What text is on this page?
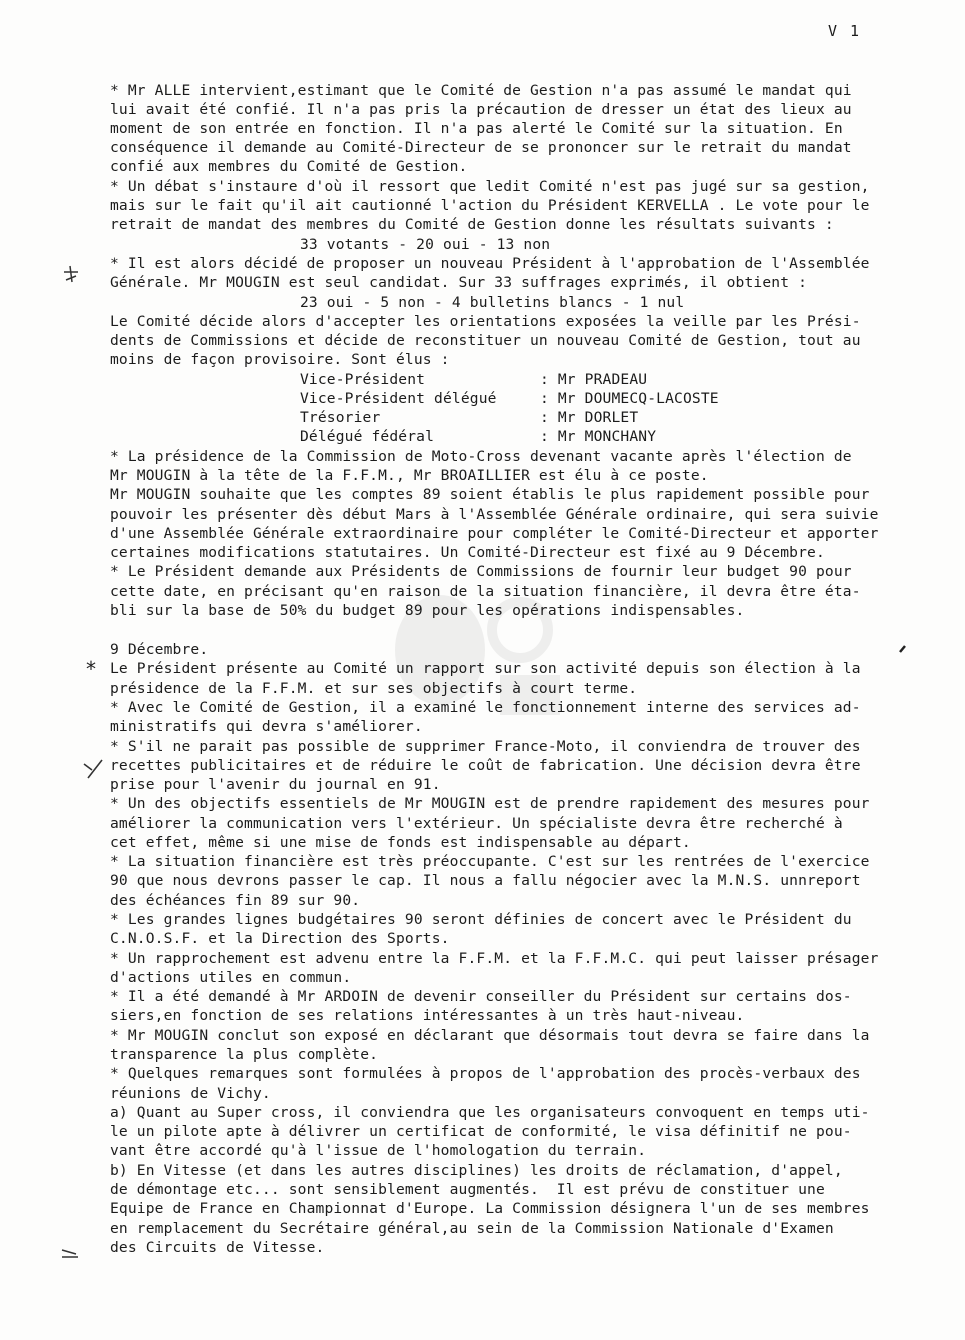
V 1
* Mr ALLE intervient,estimant que le Comité de Gestion n'a pas assumé le mandat qui
lui avait été confié. Il n'a pas pris la précaution de dresser un état des lieux au
moment de son entrée en fonction. Il n'a pas alerté le Comité sur la situation. En
conséquence il demande au Comité-Directeur de se prononcer sur le retrait du mandat
confié aux membres du Comité de Gestion.
* Un débat s'instaure d'où il ressort que ledit Comité n'est pas jugé sur sa gestion,
mais sur le fait qu'il ait cautionné l'action du Président KERVELLA . Le vote pour le
retrait de mandat des membres du Comité de Gestion donne les résultats suivants :
33 votants - 20 oui - 13 non
* Il est alors décidé de proposer un nouveau Président à l'approbation de l'Assemblée
Générale. Mr MOUGIN est seul candidat. Sur 33 suffrages exprimés, il obtient :
23 oui - 5 non - 4 bulletins blancs - 1 nul
Le Comité décide alors d'accepter les orientations exposées la veille par les Prési-
dents de Commissions et décide de reconstituer un nouveau Comité de Gestion, tout au
moins de façon provisoire. Sont élus :
Vice-Président	: Mr PRADEAU
Vice-Président délégué	: Mr DOUMECQ-LACOSTE
Trésorier	: Mr DORLET
Délégué fédéral	: Mr MONCHANY
* La présidence de la Commission de Moto-Cross devenant vacante après l'élection de
Mr MOUGIN à la tête de la F.F.M., Mr BROAILLIER est élu à ce poste.
Mr MOUGIN souhaite que les comptes 89 soient établis le plus rapidement possible pour
pouvoir les présenter dès début Mars à l'Assemblée Générale ordinaire, qui sera suivie
d'une Assemblée Générale extraordinaire pour compléter le Comité-Directeur et apporter
certaines modifications statutaires. Un Comité-Directeur est fixé au 9 Décembre.
* Le Président demande aux Présidents de Commissions de fournir leur budget 90 pour
cette date, en précisant qu'en raison de la situation financière, il devra être éta-
bli sur la base de 50% du budget 89 pour les opérations indispensables.
9 Décembre.
Le Président présente au Comité un rapport sur son activité depuis son élection à la
présidence de la F.F.M. et sur ses objectifs à court terme.
* Avec le Comité de Gestion, il a examiné le fonctionnement interne des services ad-
ministratifs qui devra s'améliorer.
* S'il ne parait pas possible de supprimer France-Moto, il conviendra de trouver des
recettes publicitaires et de réduire le coût de fabrication. Une décision devra être
prise pour l'avenir du journal en 91.
* Un des objectifs essentiels de Mr MOUGIN est de prendre rapidement des mesures pour
améliorer la communication vers l'extérieur. Un spécialiste devra être recherché à
cet effet, même si une mise de fonds est indispensable au départ.
* La situation financière est très préoccupante. C'est sur les rentrées de l'exercice
90 que nous devrons passer le cap. Il nous a fallu négocier avec la M.N.S. unnreport
des échéances fin 89 sur 90.
* Les grandes lignes budgétaires 90 seront définies de concert avec le Président du
C.N.O.S.F. et la Direction des Sports.
* Un rapprochement est advenu entre la F.F.M. et la F.F.M.C. qui peut laisser présager
d'actions utiles en commun.
* Il a été demandé à Mr ARDOIN de devenir conseiller du Président sur certains dos-
siers,en fonction de ses relations intéressantes à un très haut-niveau.
* Mr MOUGIN conclut son exposé en déclarant que désormais tout devra se faire dans la
transparence la plus complète.
* Quelques remarques sont formulées à propos de l'approbation des procès-verbaux des
réunions de Vichy.
a) Quant au Super cross, il conviendra que les organisateurs convoquent en temps uti-
le un pilote apte à délivrer un certificat de conformité, le visa définitif ne pou-
vant être accordé qu'à l'issue de l'homologation du terrain.
b) En Vitesse (et dans les autres disciplines) les droits de réclamation, d'appel,
de démontage etc... sont sensiblement augmentés.  Il est prévu de constituer une
Equipe de France en Championnat d'Europe. La Commission désignera l'un de ses membres
en remplacement du Secrétaire général,au sein de la Commission Nationale d'Examen
des Circuits de Vitesse.
*
